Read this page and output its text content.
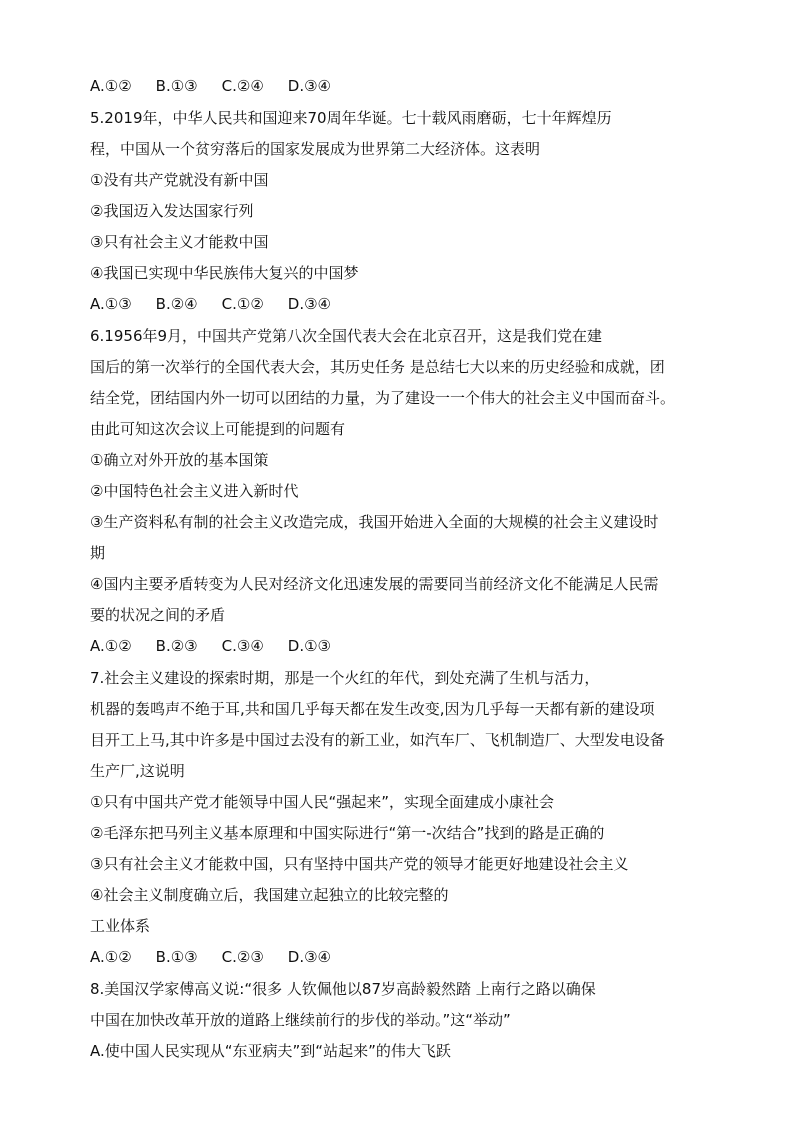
A.①② B.①③ C.②④ D.③④
5.2019年，中华人民共和国迎来70周年华诞。七十载风雨磨砺，七十年辉煌历
程，中国从一个贫穷落后的国家发展成为世界第二大经济体。这表明
①没有共产党就没有新中国
②我国迈入发达国家行列
③只有社会主义才能救中国
④我国已实现中华民族伟大复兴的中国梦
A.①③ B.②④ C.①② D.③④
6.1956年9月，中国共产党第八次全国代表大会在北京召开，这是我们党在建
国后的第一次举行的全国代表大会，其历史任务 是总结七大以来的历史经验和成就，团
结全党，团结国内外一切可以团结的力量，为了建设一一个伟大的社会主义中国而奋斗。
由此可知这次会议上可能提到的问题有
①确立对外开放的基本国策
②中国特色社会主义进入新时代
③生产资料私有制的社会主义改造完成，我国开始进入全面的大规模的社会主义建设时
期
④国内主要矛盾转变为人民对经济文化迅速发展的需要同当前经济文化不能满足人民需
要的状况之间的矛盾
A.①② B.②③ C.③④ D.①③
7.社会主义建设的探索时期，那是一个火红的年代，到处充满了生机与活力，
机器的轰鸣声不绝于耳,共和国几乎每天都在发生改变,因为几乎每一天都有新的建设项
目开工上马,其中许多是中国过去没有的新工业，如汽车厂、飞机制造厂、大型发电设备
生产厂,这说明
①只有中国共产党才能领导中国人民“强起来”，实现全面建成小康社会
②毛泽东把马列主义基本原理和中国实际进行“第一-次结合”找到的路是正确的
③只有社会主义才能救中国，只有坚持中国共产党的领导才能更好地建设社会主义
④社会主义制度确立后，我国建立起独立的比较完整的
工业体系
A.①② B.①③ C.②③ D.③④
8.美国汉学家傅高义说:“很多 人钦佩他以87岁高龄毅然踏 上南行之路以确保
中国在加快改革开放的道路上继续前行的步伐的举动。”这“举动”
A.使中国人民实现从“东亚病夫”到“站起来”的伟大飞跃
